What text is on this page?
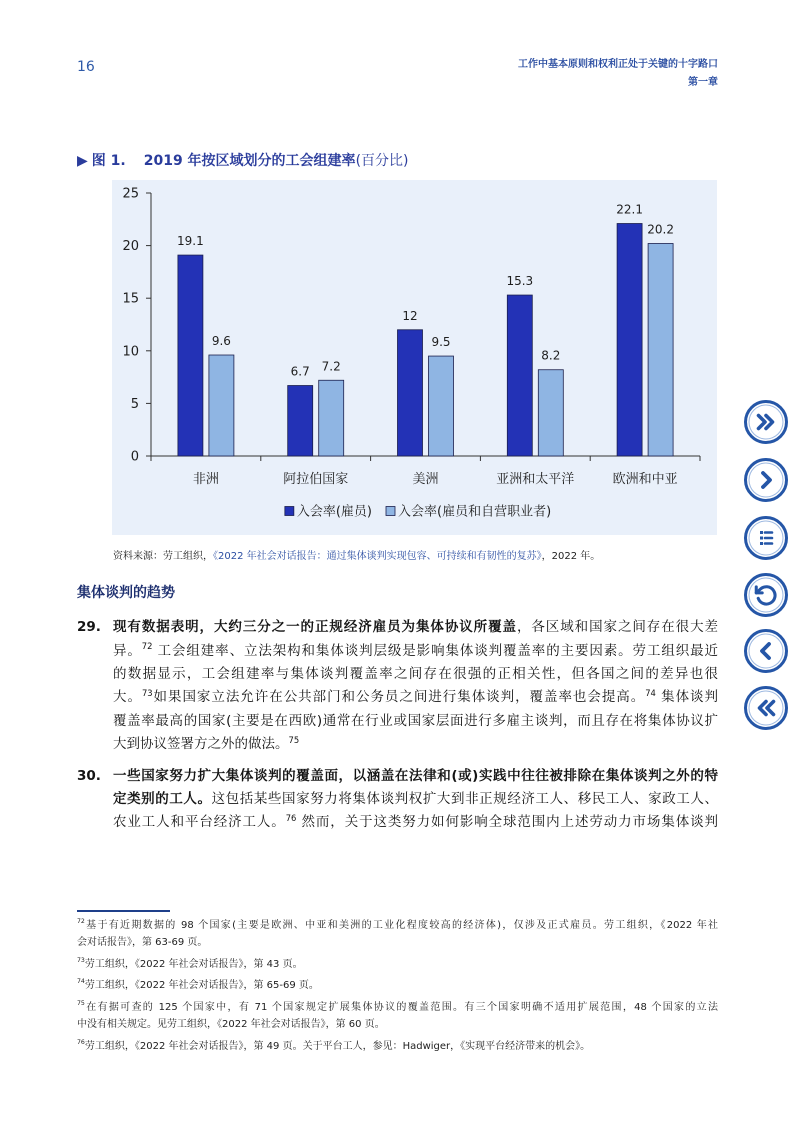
16	工作中基本原则和权利正处于关键的十字路口
第一章
▶ 图 1. 2019 年按区域划分的工会组建率(百分比)
0
5
10
15
20
25
非洲
19.1
9.6
阿拉伯国家
6.7 7.2
美洲
12
9.5
亚洲和太平洋
15.3
8.2
欧洲和中亚
22.1
20.2
入会率(雇员) 入会率(雇员和自营职业者)
资料来源：劳工组织，《2022 年社会对话报告：通过集体谈判实现包容、可持续和有韧性的复苏》，2022 年。
集体谈判的趋势
29. 现有数据表明，大约三分之一的正规经济雇员为集体协议所覆盖，各区域和国家之间存在很大差
异。$^{72}$ 工会组建率、立法架构和集体谈判层级是影响集体谈判覆盖率的主要因素。劳工组织最近
的数据显示，工会组建率与集体谈判覆盖率之间存在很强的正相关性，但各国之间的差异也很
大。$^{73}$如果国家立法允许在公共部门和公务员之间进行集体谈判，覆盖率也会提高。$^{74}$ 集体谈判
覆盖率最高的国家(主要是在西欧)通常在行业或国家层面进行多雇主谈判，而且存在将集体协议扩
大到协议签署方之外的做法。$^{75}$
30. 一些国家努力扩大集体谈判的覆盖面，以涵盖在法律和(或)实践中往往被排除在集体谈判之外的特
定类别的工人。这包括某些国家努力将集体谈判权扩大到非正规经济工人、移民工人、家政工人、
农业工人和平台经济工人。$^{76}$ 然而，关于这类努力如何影响全球范围内上述劳动力市场集体谈判
$^{72}$基于有近期数据的 98 个国家(主要是欧洲、中亚和美洲的工业化程度较高的经济体)，仅涉及正式雇员。劳工组织，《2022 年社
会对话报告》，第 63-69 页。
$^{73}$劳工组织，《2022 年社会对话报告》，第 43 页。
$^{74}$劳工组织，《2022 年社会对话报告》，第 65-69 页。
$^{75}$在有据可查的 125 个国家中，有 71 个国家规定扩展集体协议的覆盖范围。有三个国家明确不适用扩展范围，48 个国家的立法
中没有相关规定。见劳工组织，《2022 年社会对话报告》，第 60 页。
$^{76}$劳工组织，《2022 年社会对话报告》，第 49 页。关于平台工人，参见：Hadwiger，《实现平台经济带来的机会》。
